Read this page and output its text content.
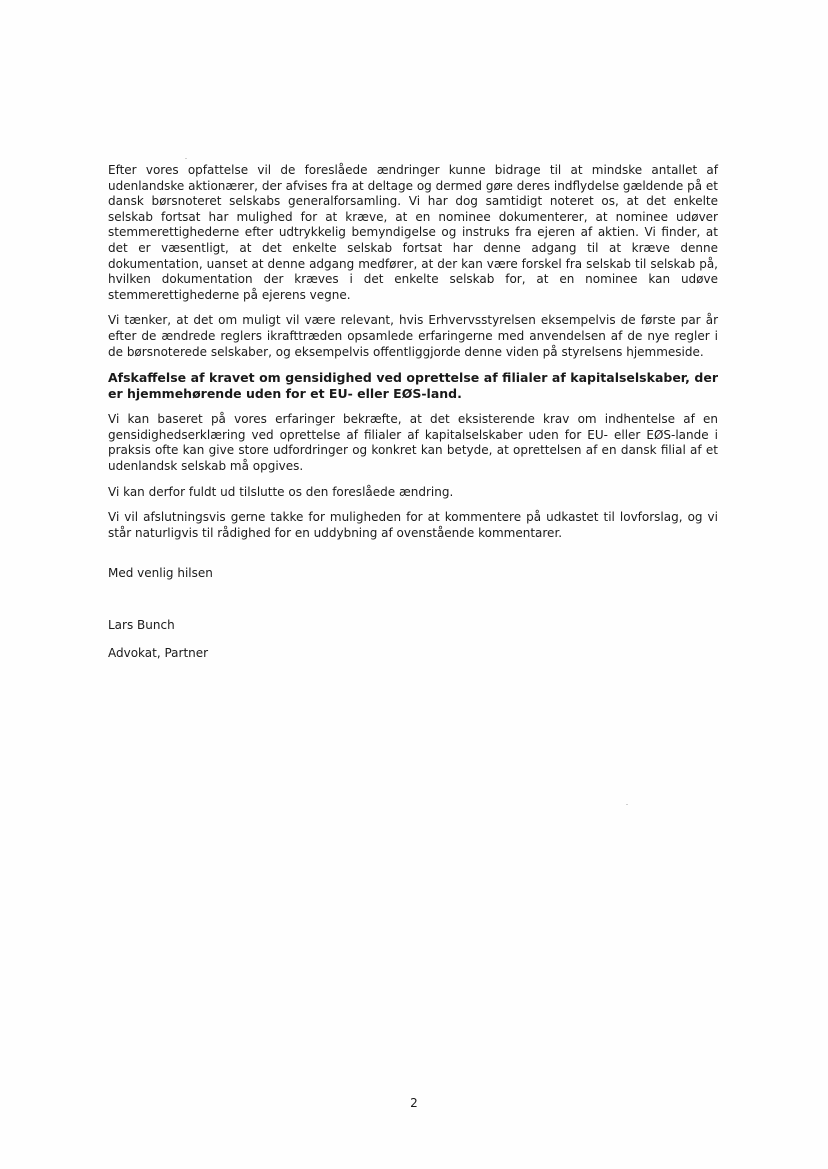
Efter vores opfattelse vil de foreslåede ændringer kunne bidrage til at mindske antallet af udenlandske aktionærer, der afvises fra at deltage og dermed gøre deres indflydelse gældende på et dansk børsnoteret selskabs generalforsamling. Vi har dog samtidigt noteret os, at det enkelte selskab fortsat har mulighed for at kræve, at en nominee dokumenterer, at nominee udøver stemmerettighederne efter udtrykkelig bemyndigelse og instruks fra ejeren af aktien. Vi finder, at det er væsentligt, at det enkelte selskab fortsat har denne adgang til at kræve denne dokumentation, uanset at denne adgang medfører, at der kan være forskel fra selskab til selskab på, hvilken dokumentation der kræves i det enkelte selskab for, at en nominee kan udøve stemmerettighederne på ejerens vegne.

Vi tænker, at det om muligt vil være relevant, hvis Erhvervsstyrelsen eksempelvis de første par år efter de ændrede reglers ikrafttræden opsamlede erfaringerne med anvendelsen af de nye regler i de børsnoterede selskaber, og eksempelvis offentliggjorde denne viden på styrelsens hjemmeside.

Afskaffelse af kravet om gensidighed ved oprettelse af filialer af kapitalselskaber, der er hjemmehørende uden for et EU- eller EØS-land.

Vi kan baseret på vores erfaringer bekræfte, at det eksisterende krav om indhentelse af en gensidighedserklæring ved oprettelse af filialer af kapitalselskaber uden for EU- eller EØS-lande i praksis ofte kan give store udfordringer og konkret kan betyde, at oprettelsen af en dansk filial af et udenlandsk selskab må opgives.

Vi kan derfor fuldt ud tilslutte os den foreslåede ændring.

Vi vil afslutningsvis gerne takke for muligheden for at kommentere på udkastet til lovforslag, og vi står naturligvis til rådighed for en uddybning af ovenstående kommentarer.

Med venlig hilsen
Lars Bunch
Advokat, Partner
2
